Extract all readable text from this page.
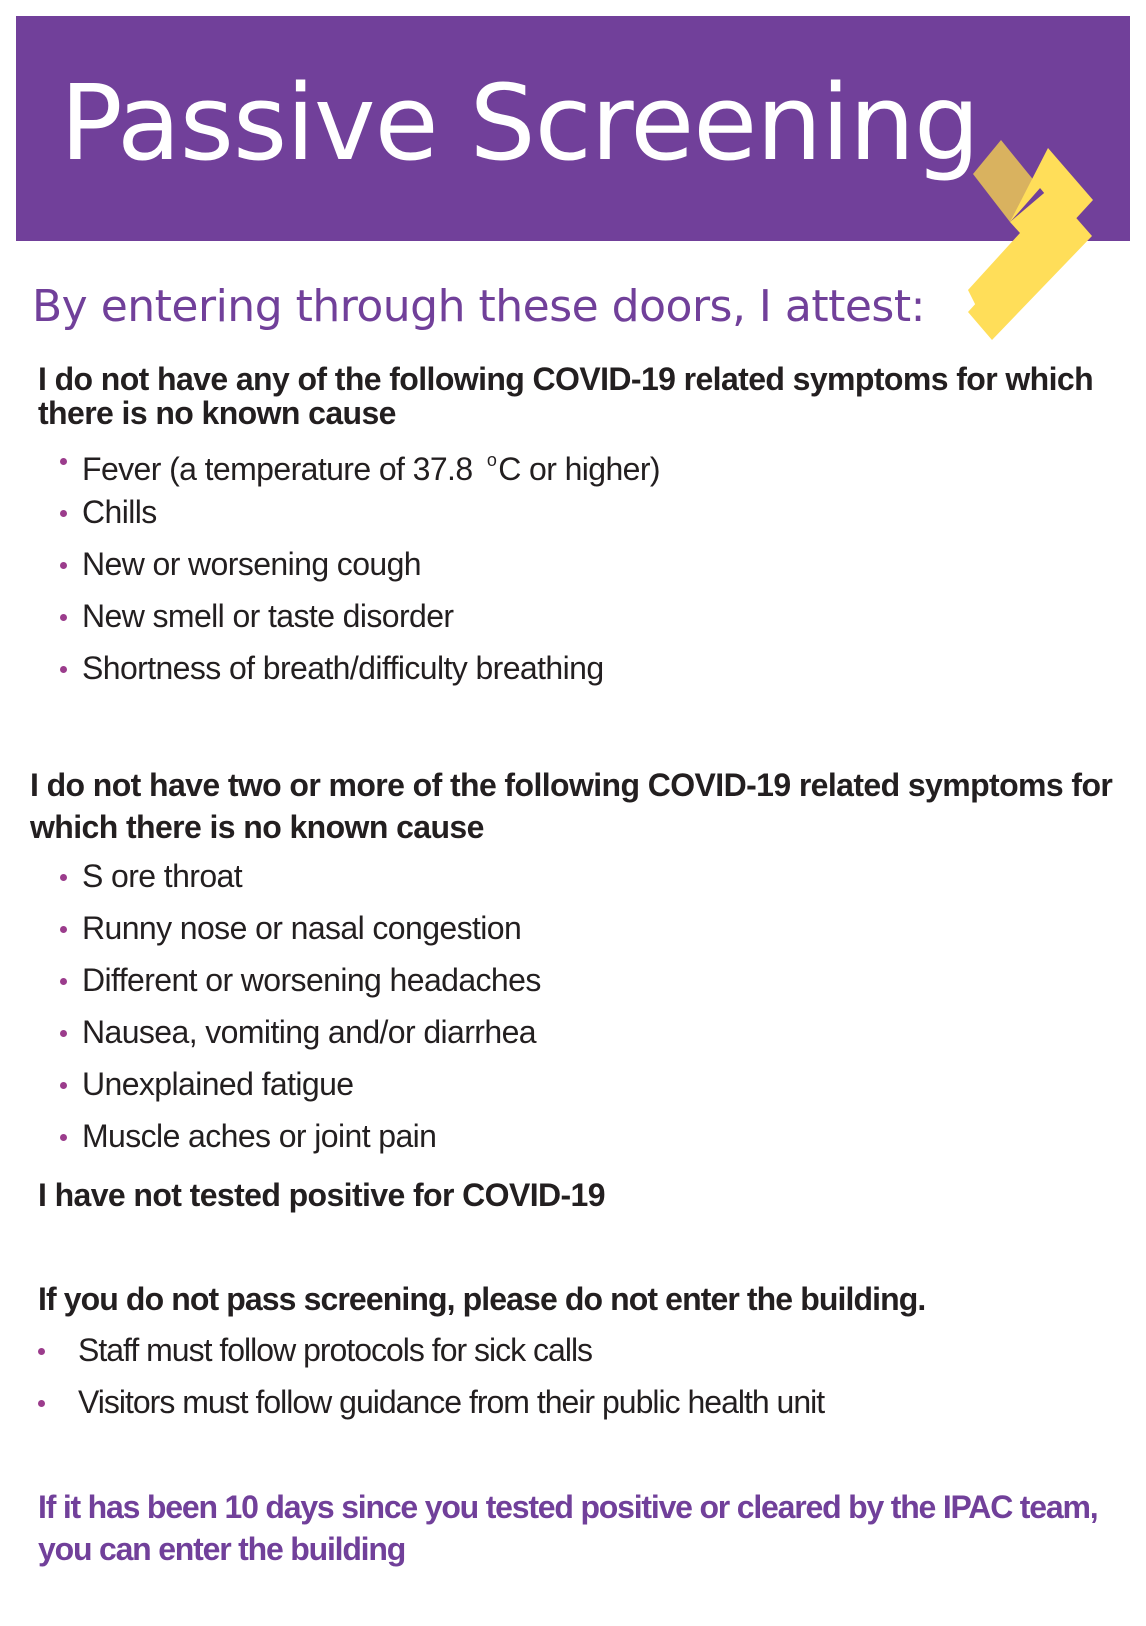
Passive Screening
By entering through these doors, I attest:

I do not have any of the following COVID-19 related symptoms for which there is no known cause

Fever (a temperature of 37.8 $^o$C or higher)
Chills
New or worsening cough
New smell or taste disorder
Shortness of breath/difficulty breathing

I do not have two or more of the following COVID-19 related symptoms for which there is no known cause

S ore throat
Runny nose or nasal congestion
Different or worsening headaches
Nausea, vomiting and/or diarrhea
Unexplained fatigue
Muscle aches or joint pain

I have not tested positive for COVID-19

If you do not pass screening, please do not enter the building.

Staff must follow protocols for sick calls
Visitors must follow guidance from their public health unit

If it has been 10 days since you tested positive or cleared by the IPAC team, you can enter the building
